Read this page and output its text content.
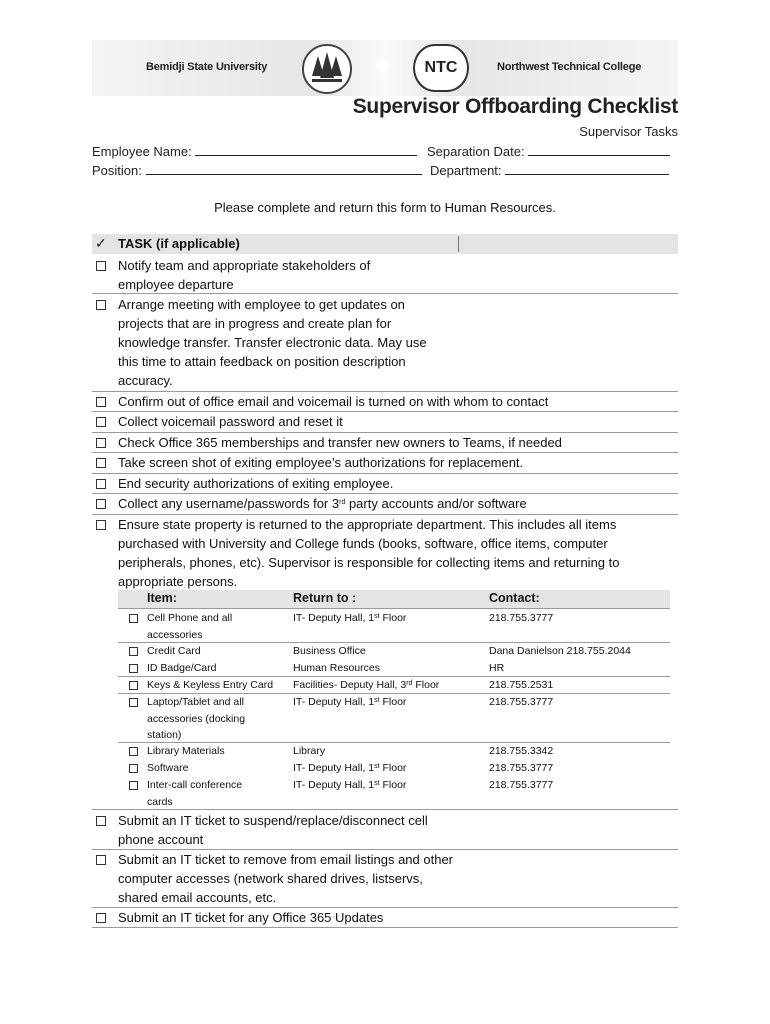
Bemidji State University	NTC	Northwest Technical College
Supervisor Offboarding Checklist
Supervisor Tasks
Employee Name:	Separation Date:
Position:	Department:
Please complete and return this form to Human Resources.
✓ TASK (if applicable)
Notify team and appropriate stakeholders of
employee departure
Arrange meeting with employee to get updates on
projects that are in progress and create plan for
knowledge transfer. Transfer electronic data. May use
this time to attain feedback on position description
accuracy.
Confirm out of office email and voicemail is turned on with whom to contact
Collect voicemail password and reset it
Check Office 365 memberships and transfer new owners to Teams, if needed
Take screen shot of exiting employee’s authorizations for replacement.
End security authorizations of exiting employee.
Collect any username/passwords for 3rd party accounts and/or software
Ensure state property is returned to the appropriate department. This includes all items
purchased with University and College funds (books, software, office items, computer
peripherals, phones, etc). Supervisor is responsible for collecting items and returning to
appropriate persons.
Item:	Return to :	Contact:
Cell Phone and all
accessories
IT- Deputy Hall, 1st Floor	218.755.3777
Credit Card	Business Office	Dana Danielson 218.755.2044
ID Badge/Card	Human Resources	HR
Keys & Keyless Entry Card	Facilities- Deputy Hall, 3rd Floor	218.755.2531
Laptop/Tablet and all
accessories (docking
station)
IT- Deputy Hall, 1st Floor	218.755.3777
Library Materials	Library	218.755.3342
Software	IT- Deputy Hall, 1st Floor	218.755.3777
Inter-call conference
cards
IT- Deputy Hall, 1st Floor	218.755.3777
Submit an IT ticket to suspend/replace/disconnect cell
phone account
Submit an IT ticket to remove from email listings and other
computer accesses (network shared drives, listservs,
shared email accounts, etc.
Submit an IT ticket for any Office 365 Updates
